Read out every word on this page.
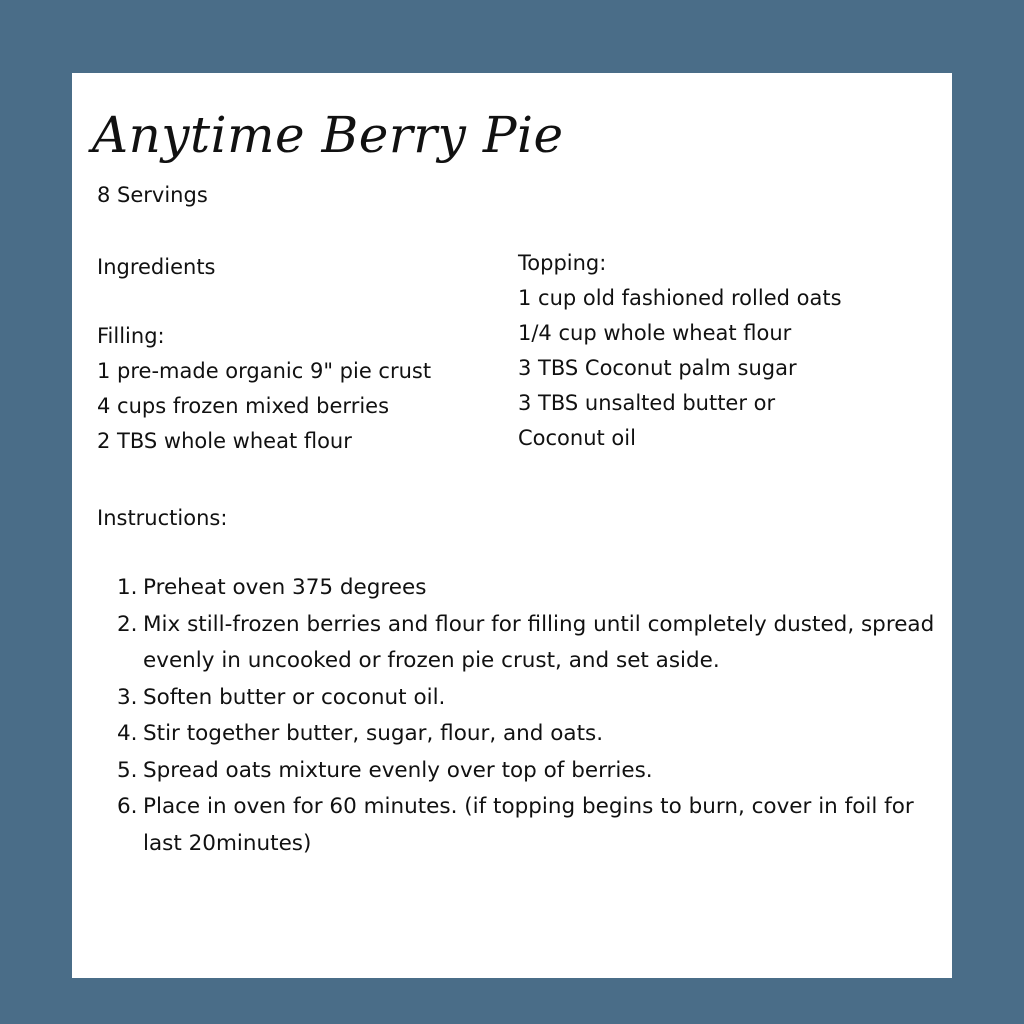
Anytime Berry Pie
8 Servings
Ingredients
Filling:
1 pre-made organic 9" pie crust
4 cups frozen mixed berries
2 TBS whole wheat flour
Topping:
1 cup old fashioned rolled oats
1/4 cup whole wheat flour
3 TBS Coconut palm sugar
3 TBS unsalted butter or
Coconut oil
Instructions:
1. Preheat oven 375 degrees
2. Mix still-frozen berries and flour for filling until completely dusted, spread evenly in uncooked or frozen pie crust, and set aside.
3. Soften butter or coconut oil.
4. Stir together butter, sugar, flour, and oats.
5. Spread oats mixture evenly over top of berries.
6. Place in oven for 60 minutes. (if topping begins to burn, cover in foil for last 20minutes)
